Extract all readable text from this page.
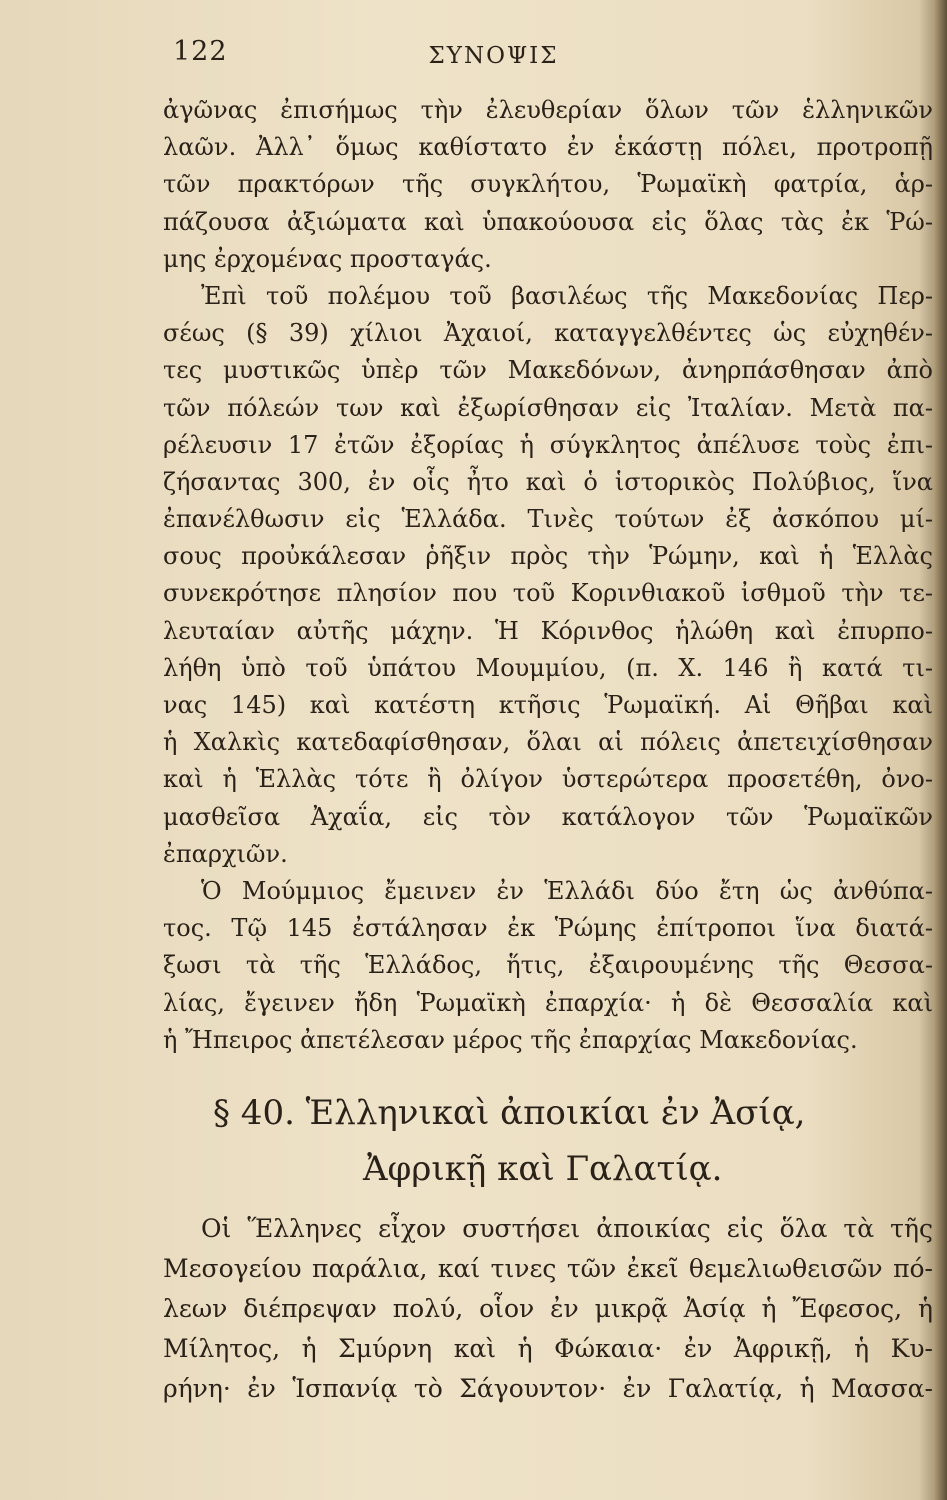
122	ΣΥΝΟΨΙΣ
ἀγῶνας ἐπισήμως τὴν ἐλευθερίαν ὅλων τῶν ἑλληνικῶν
λαῶν. Ἀλλ᾽ ὅμως καθίστατο ἐν ἑκάστῃ πόλει, προτροπῇ
τῶν πρακτόρων τῆς συγκλήτου, Ῥωμαϊκὴ φατρία, ἁρ-
πάζουσα ἀξιώματα καὶ ὑπακούουσα εἰς ὅλας τὰς ἐκ Ῥώ-
μης ἐρχομένας προσταγάς.
Ἐπὶ τοῦ πολέμου τοῦ βασιλέως τῆς Μακεδονίας Περ-
σέως (§ 39) χίλιοι Ἀχαιοί, καταγγελθέντες ὡς εὐχηθέν-
τες μυστικῶς ὑπὲρ τῶν Μακεδόνων, ἀνηρπάσθησαν ἀπὸ
τῶν πόλεών των καὶ ἐξωρίσθησαν εἰς Ἰταλίαν. Μετὰ πα-
ρέλευσιν 17 ἐτῶν ἐξορίας ἡ σύγκλητος ἀπέλυσε τοὺς ἐπι-
ζήσαντας 300, ἐν οἷς ἦτο καὶ ὁ ἱστορικὸς Πολύβιος, ἵνα
ἐπανέλθωσιν εἰς Ἑλλάδα. Τινὲς τούτων ἐξ ἀσκόπου μί-
σους προὐκάλεσαν ῥῆξιν πρὸς τὴν Ῥώμην, καὶ ἡ Ἑλλὰς
συνεκρότησε πλησίον που τοῦ Κορινθιακοῦ ἰσθμοῦ τὴν τε-
λευταίαν αὐτῆς μάχην. Ἡ Κόρινθος ἡλώθη καὶ ἐπυρπο-
λήθη ὑπὸ τοῦ ὑπάτου Μουμμίου, (π. Χ. 146 ἢ κατά τι-
νας 145) καὶ κατέστη κτῆσις Ῥωμαϊκή. Αἱ Θῆβαι καὶ
ἡ Χαλκὶς κατεδαφίσθησαν, ὅλαι αἱ πόλεις ἀπετειχίσθησαν
καὶ ἡ Ἑλλὰς τότε ἢ ὀλίγον ὑστερώτερα προσετέθη, ὀνο-
μασθεῖσα Ἀχαΐα, εἰς τὸν κατάλογον τῶν Ῥωμαϊκῶν
ἐπαρχιῶν.
Ὁ Μούμμιος ἔμεινεν ἐν Ἑλλάδι δύο ἔτη ὡς ἀνθύπα-
τος. Τῷ 145 ἐστάλησαν ἐκ Ῥώμης ἐπίτροποι ἵνα διατά-
ξωσι τὰ τῆς Ἑλλάδος, ἥτις, ἐξαιρουμένης τῆς Θεσσα-
λίας, ἔγεινεν ἤδη Ῥωμαϊκὴ ἐπαρχία· ἡ δὲ Θεσσαλία καὶ
ἡ Ἤπειρος ἀπετέλεσαν μέρος τῆς ἐπαρχίας Μακεδονίας.
§ 40. Ἑλληνικαὶ ἀποικίαι ἐν Ἀσίᾳ,
Ἀφρικῇ καὶ Γαλατίᾳ.
Οἱ Ἕλληνες εἶχον συστήσει ἀποικίας εἰς ὅλα τὰ τῆς
Μεσογείου παράλια, καί τινες τῶν ἐκεῖ θεμελιωθεισῶν πό-
λεων διέπρεψαν πολύ, οἷον ἐν μικρᾷ Ἀσίᾳ ἡ Ἔφεσος, ἡ
Μίλητος, ἡ Σμύρνη καὶ ἡ Φώκαια· ἐν Ἀφρικῇ, ἡ Κυ-
ρήνη· ἐν Ἱσπανίᾳ τὸ Σάγουντον· ἐν Γαλατίᾳ, ἡ Μασσα-
